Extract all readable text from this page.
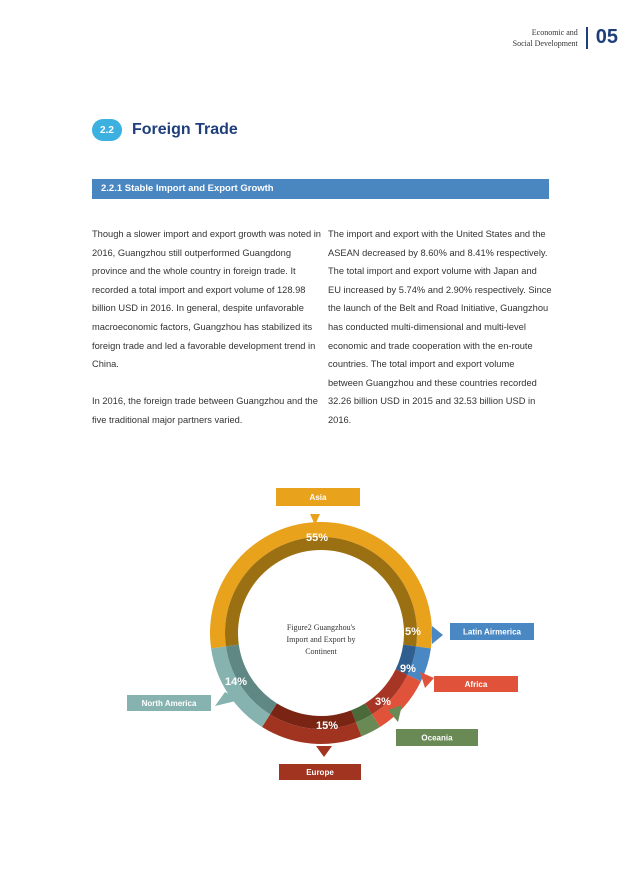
Economic and
Social Development 05
2.2	Foreign Trade
2.2.1 Stable Import and Export Growth

Though a slower import and export growth was noted in 2016, Guangzhou still outperformed Guangdong province and the whole country in foreign trade. It recorded a total import and export volume of 128.98 billion USD in 2016. In general, despite unfavorable macroeconomic factors, Guangzhou has stabilized its foreign trade and led a favorable development trend in China.

In 2016, the foreign trade between Guangzhou and the five traditional major partners varied.

The import and export with the United States and the ASEAN decreased by 8.60% and 8.41% respectively. The total import and export volume with Japan and EU increased by 5.74% and 2.90% respectively. Since the launch of the Belt and Road Initiative, Guangzhou has conducted multi-dimensional and multi-level economic and trade cooperation with the en-route countries. The total import and export volume between Guangzhou and these countries recorded 32.26 billion USD in 2015 and 32.53 billion USD in 2016.

Figure2 Guangzhou's
Import and Export by
Continent
55%
Asia
5%	Latin Airmerica
9%
Africa
3%
Oceania
15%
Europe
14%
North America
